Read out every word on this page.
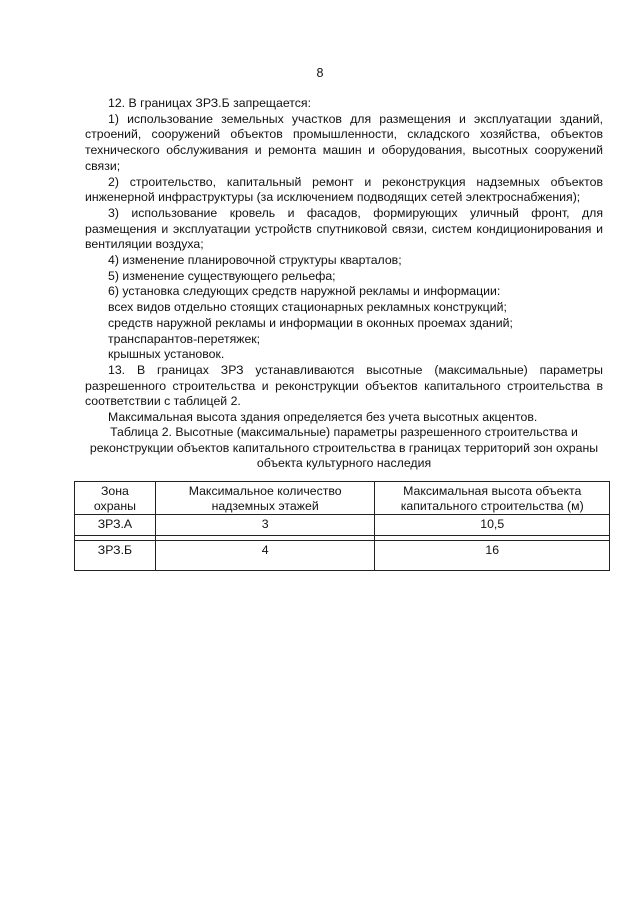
8

12. В границах ЗРЗ.Б запрещается:

1) использование земельных участков для размещения и эксплуатации зданий, строений, сооружений объектов промышленности, складского хозяйства, объектов технического обслуживания и ремонта машин и оборудования, высотных сооружений связи;

2) строительство, капитальный ремонт и реконструкция надземных объектов инженерной инфраструктуры (за исключением подводящих сетей электроснабжения);

3) использование кровель и фасадов, формирующих уличный фронт, для размещения и эксплуатации устройств спутниковой связи, систем кондиционирования и вентиляции воздуха;

4) изменение планировочной структуры кварталов;

5) изменение существующего рельефа;

6) установка следующих средств наружной рекламы и информации:

всех видов отдельно стоящих стационарных рекламных конструкций;

средств наружной рекламы и информации в оконных проемах зданий;

транспарантов-перетяжек;

крышных установок.

13. В границах ЗРЗ устанавливаются высотные (максимальные) параметры разрешенного строительства и реконструкции объектов капитального строительства в соответствии с таблицей 2.

Максимальная высота здания определяется без учета высотных акцентов.

Таблица 2. Высотные (максимальные) параметры разрешенного строительства и реконструкции объектов капитального строительства в границах территорий зон охраны объекта культурного наследия
Зона охраны	Максимальное количество надземных этажей	Максимальная высота объекта капитального строительства (м)
ЗРЗ.А	3	10,5

ЗРЗ.Б	4	16
